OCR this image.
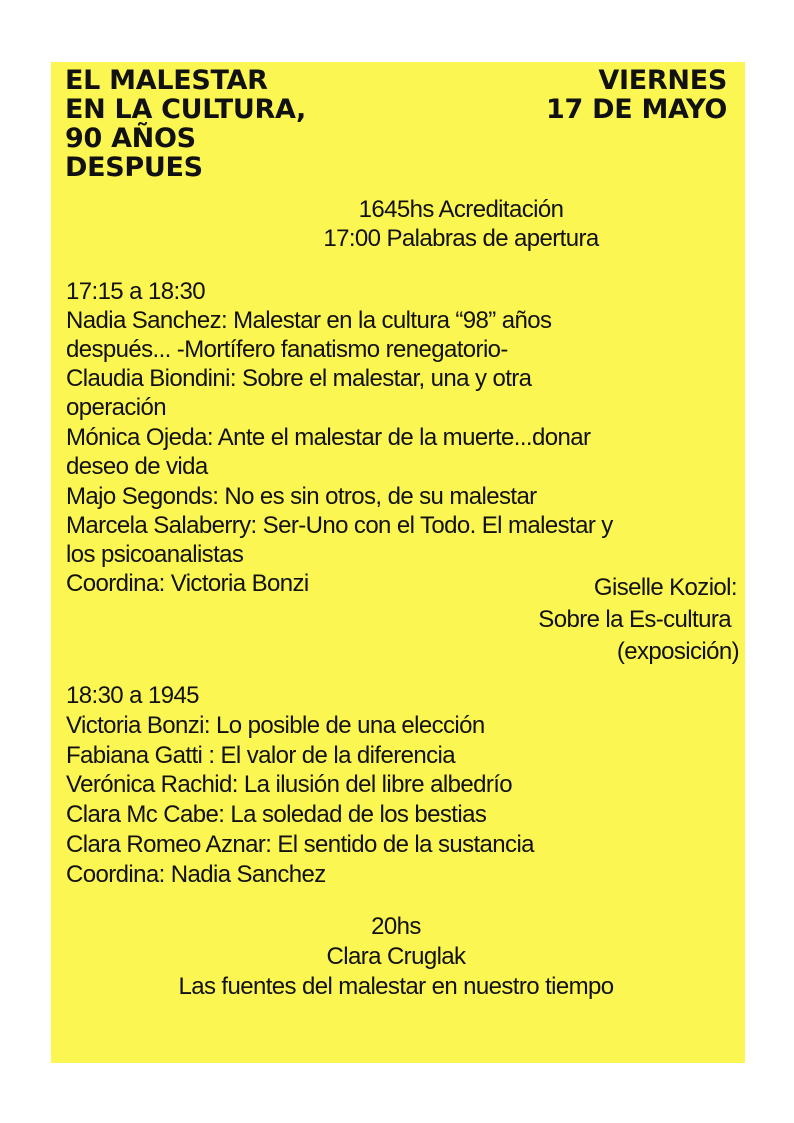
EL MALESTAR
EN LA CULTURA,
90 AÑOS
DESPUES
VIERNES
17 DE MAYO
1645hs Acreditación
17:00 Palabras de apertura
17:15 a 18:30
Nadia Sanchez: Malestar en la cultura “98” años
después... -Mortífero fanatismo renegatorio-
Claudia Biondini: Sobre el malestar, una y otra
operación
Mónica Ojeda: Ante el malestar de la muerte...donar
deseo de vida
Majo Segonds: No es sin otros, de su malestar
Marcela Salaberry: Ser-Uno con el Todo. El malestar y
los psicoanalistas
Coordina: Victoria Bonzi	Giselle Koziol:
Sobre la Es-cultura
(exposición)
18:30 a 1945
Victoria Bonzi: Lo posible de una elección
Fabiana Gatti : El valor de la diferencia
Verónica Rachid: La ilusión del libre albedrío
Clara Mc Cabe: La soledad de los bestias
Clara Romeo Aznar: El sentido de la sustancia
Coordina: Nadia Sanchez
20hs
Clara Cruglak
Las fuentes del malestar en nuestro tiempo
